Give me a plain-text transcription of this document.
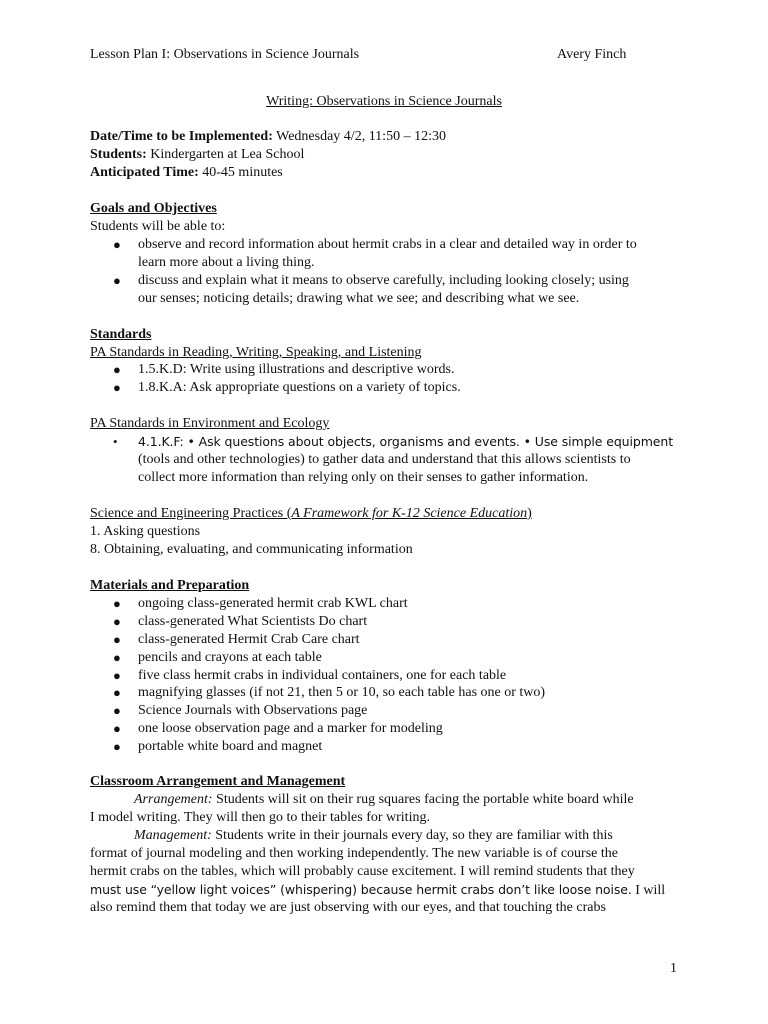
Lesson Plan I: Observations in Science Journals	Avery Finch
Writing: Observations in Science Journals
Date/Time to be Implemented: Wednesday 4/2, 11:50 – 12:30
Students: Kindergarten at Lea School
Anticipated Time: 40-45 minutes
Goals and Objectives
Students will be able to:
● observe and record information about hermit crabs in a clear and detailed way in order to
learn more about a living thing.
● discuss and explain what it means to observe carefully, including looking closely; using
our senses; noticing details; drawing what we see; and describing what we see.
Standards
PA Standards in Reading, Writing, Speaking, and Listening
● 1.5.K.D: Write using illustrations and descriptive words.
● 1.8.K.A: Ask appropriate questions on a variety of topics.
PA Standards in Environment and Ecology
• 4.1.K.F: • Ask questions about objects, organisms and events. • Use simple equipment
(tools and other technologies) to gather data and understand that this allows scientists to
collect more information than relying only on their senses to gather information.
Science and Engineering Practices (A Framework for K-12 Science Education)
1. Asking questions
8. Obtaining, evaluating, and communicating information
Materials and Preparation
● ongoing class-generated hermit crab KWL chart
● class-generated What Scientists Do chart
● class-generated Hermit Crab Care chart
● pencils and crayons at each table
● five class hermit crabs in individual containers, one for each table
● magnifying glasses (if not 21, then 5 or 10, so each table has one or two)
● Science Journals with Observations page
● one loose observation page and a marker for modeling
● portable white board and magnet
Classroom Arrangement and Management
Arrangement: Students will sit on their rug squares facing the portable white board while
I model writing. They will then go to their tables for writing.
Management: Students write in their journals every day, so they are familiar with this
format of journal modeling and then working independently. The new variable is of course the
hermit crabs on the tables, which will probably cause excitement. I will remind students that they
must use “yellow light voices” (whispering) because hermit crabs don’t like loose noise. I will
also remind them that today we are just observing with our eyes, and that touching the crabs
1
